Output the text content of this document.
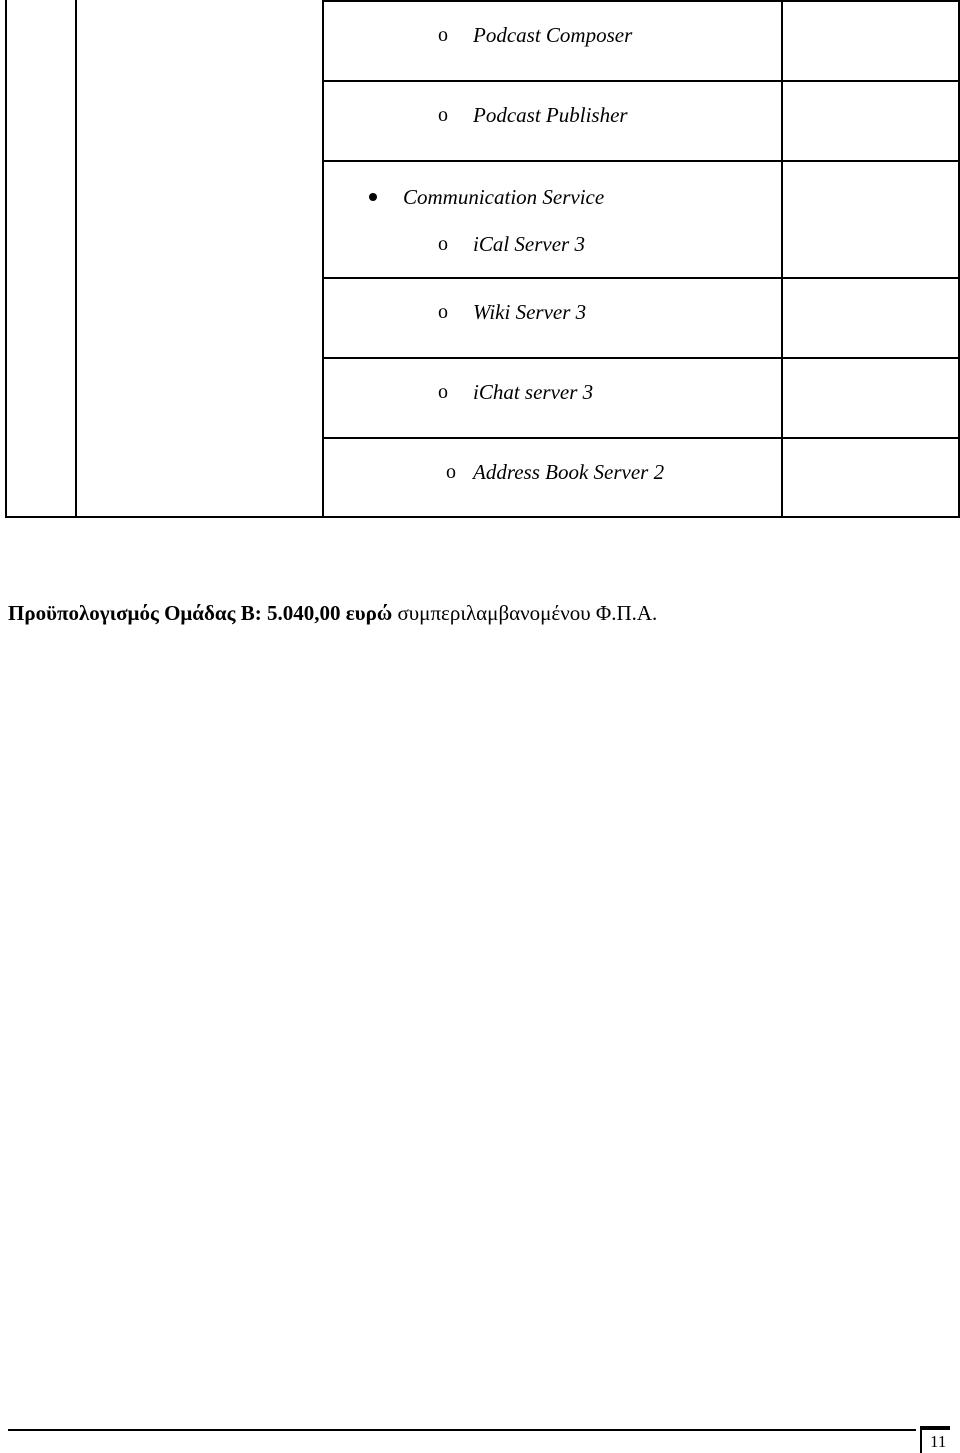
o Podcast Composer
o Podcast Publisher
Communication Service
o iCal Server 3
o Wiki Server 3
o iChat server 3
o Address Book Server 2
Προϋπολογισμός Ομάδας Β: 5.040,00 ευρώ συμπεριλαμβανομένου Φ.Π.Α.
11
